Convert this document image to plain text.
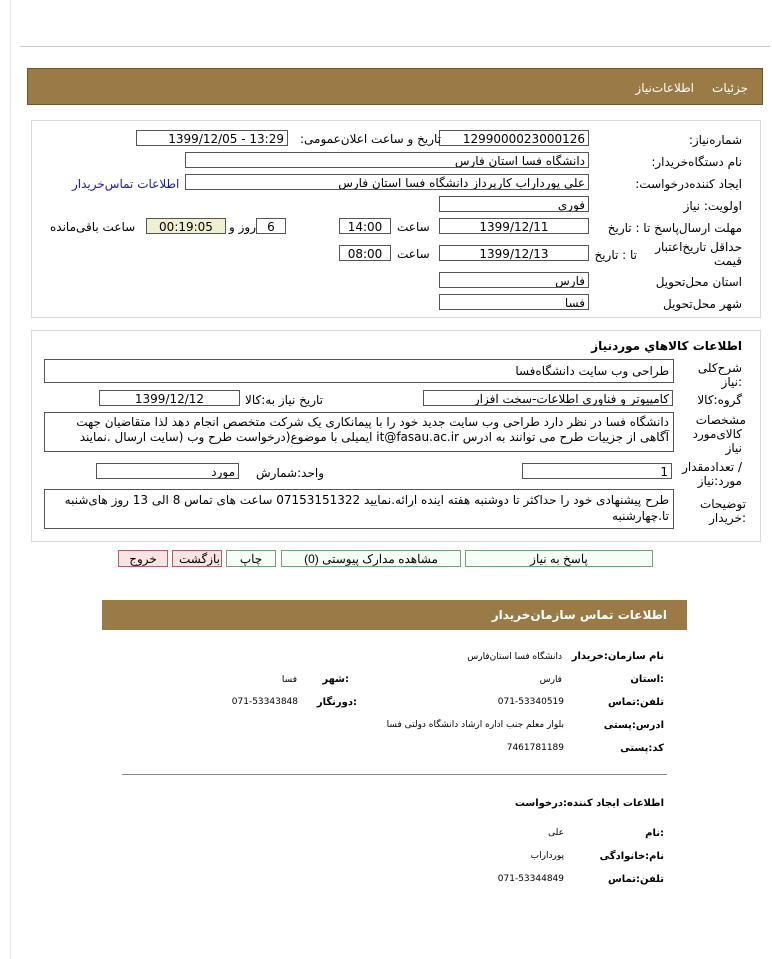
جزئیات
اطلاعات‌نیاز
شماره‌نیاز:
1299000023000126
تاریخ و ساعت اعلان‌عمومی:
1399/12/05 - 13:29
نام دستگاه‌خریدار:
دانشگاه فسا استان فارس
ایجاد کننده‌درخواست:
علي پورداراب كارپرداز دانشگاه فسا استان فارس
اطلاعات تماس‌خریدار
اولویت: نیاز
فوری
مهلت ارسال‌پاسخ تا : تاریخ
1399/12/11
ساعت
14:00
6
روز و
00:19:05
ساعت باقی‌مانده
حداقل تاریخ‌اعتبار
قیمت
تا : تاریخ
1399/12/13
ساعت
08:00
استان محل‌تحویل
فارس
شهر محل‌تحویل
فسا
اطلاعات كالاهاي موردنياز
شرح‌کلی
:نیاز
طراحی وب سایت دانشگاه‌فسا
گروه:کالا
کامپیوتر و فناوری اطلاعات-سخت افزار
تاریخ نیاز به:کالا
1399/12/12
مشخصات
کالای‌مورد
نیاز
دانشگاه فسا در نظر دارد طراحی وب سایت جدید خود را با پیمانکاری یک شرکت متخصص انجام دهد لذا متقاضیان جهت آگاهی از جزییات طرح می توانند به ادرس it@fasau.ac.ir ایمیلی با موضوع(درخواست طرح وب (سایت ارسال .نمایند
/ تعدادمقدار
مورد:نیاز
1
واحد:شمارش
مورد
توضیحات
:خریدار
طرح پیشنهادی خود را حداکثر تا دوشنبه هفته اینده ارائه.نمایید 07153151322 ساعت های تماس 8 الی 13 روز های‌شنبه تا.چهارشنبه
پاسخ به نیاز
مشاهده مدارک پیوستی (0)
چاپ
بازگشت
خروج
اطلاعات تماس سازمان‌خریدار
نام سازمان:خریدار
دانشگاه فسا استان‌فارس
:استان
فارس
:شهر
فسا
تلفن:تماس
071-53340519
:دورنگار
071-53343848
ادرس:پستی
بلوار معلم جنب اداره ارشاد دانشگاه دولتی فسا
کد:پستی
7461781189
اطلاعات ایجاد کننده:درخواست
:نام
علی
نام:خانوادگی
پورداراب
تلفن:تماس
071-53344849
